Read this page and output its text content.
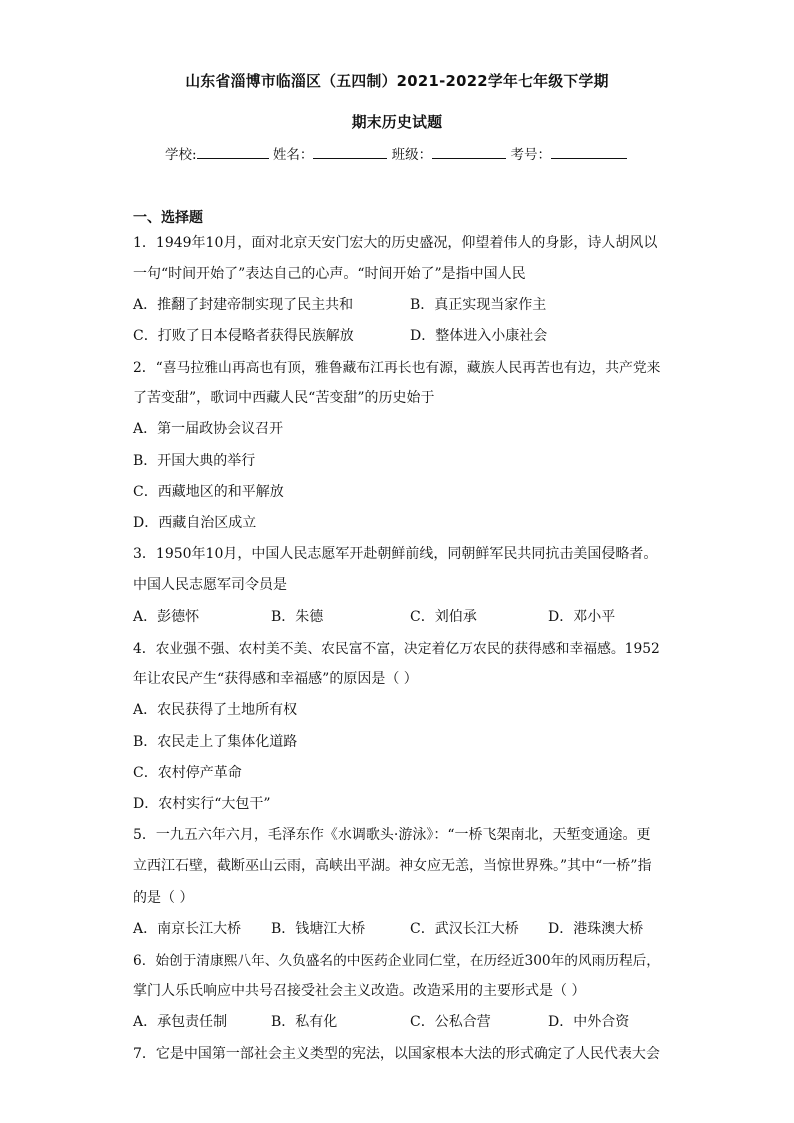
山东省淄博市临淄区（五四制）2021-2022学年七年级下学期
期末历史试题
学校:	姓名：	班级：	考号：
一、选择题
1．1949年10月，面对北京天安门宏大的历史盛况，仰望着伟人的身影，诗人胡风以
一句“时间开始了”表达自己的心声。“时间开始了”是指中国人民
A．推翻了封建帝制实现了民主共和	B．真正实现当家作主
C．打败了日本侵略者获得民族解放	D．整体进入小康社会
2．“喜马拉雅山再高也有顶，雅鲁藏布江再长也有源，藏族人民再苦也有边，共产党来
了苦变甜”，歌词中西藏人民“苦变甜”的历史始于
A．第一届政协会议召开
B．开国大典的举行
C．西藏地区的和平解放
D．西藏自治区成立
3．1950年10月，中国人民志愿军开赴朝鲜前线，同朝鲜军民共同抗击美国侵略者。
中国人民志愿军司令员是
A．彭德怀	B．朱德	C．刘伯承	D．邓小平
4．农业强不强、农村美不美、农民富不富，决定着亿万农民的获得感和幸福感。1952
年让农民产生“获得感和幸福感”的原因是（ ）
A．农民获得了土地所有权
B．农民走上了集体化道路
C．农村停产革命
D．农村实行“大包干”
5．一九五六年六月，毛泽东作《水调歌头·游泳》：“一桥飞架南北，天堑变通途。更
立西江石壁，截断巫山云雨，高峡出平湖。神女应无恙，当惊世界殊。”其中“一桥”指
的是（ ）
A．南京长江大桥 B．钱塘江大桥	C．武汉长江大桥 D．港珠澳大桥
6．始创于清康熙八年、久负盛名的中医药企业同仁堂，在历经近300年的风雨历程后，
掌门人乐氏响应中共号召接受社会主义改造。改造采用的主要形式是（ ）
A．承包责任制	B．私有化	C．公私合营	D．中外合资
7．它是中国第一部社会主义类型的宪法，以国家根本大法的形式确定了人民代表大会
